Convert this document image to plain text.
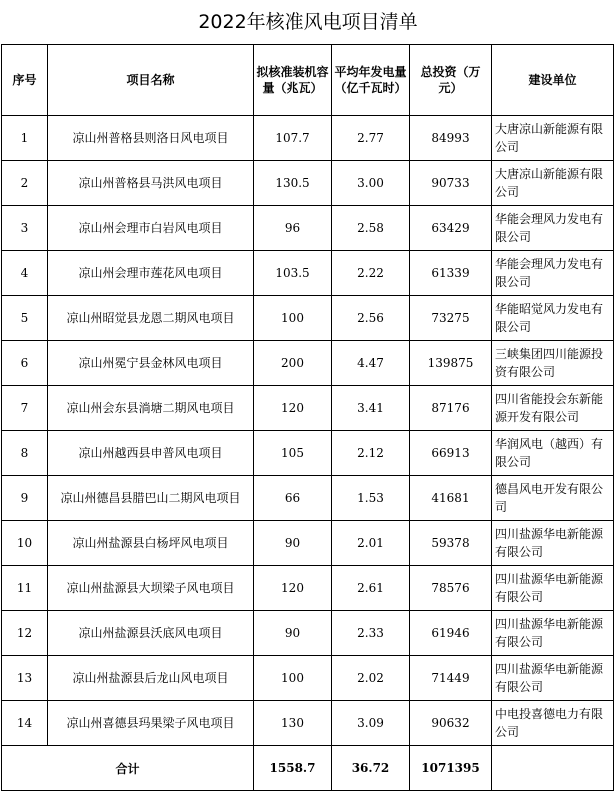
2022年核准风电项目清单
序号	项目名称	拟核准装机容量（兆瓦）	平均年发电量（亿千瓦时）	总投资（万元）	建设单位
1	凉山州普格县则洛日风电项目	107.7	2.77	84993	大唐凉山新能源有限公司
2	凉山州普格县马洪风电项目	130.5	3.00	90733	大唐凉山新能源有限公司
3	凉山州会理市白岩风电项目	96	2.58	63429	华能会理风力发电有限公司
4	凉山州会理市莲花风电项目	103.5	2.22	61339	华能会理风力发电有限公司
5	凉山州昭觉县龙恩二期风电项目	100	2.56	73275	华能昭觉风力发电有限公司
6	凉山州冕宁县金林风电项目	200	4.47	139875	三峡集团四川能源投资有限公司
7	凉山州会东县淌塘二期风电项目	120	3.41	87176	四川省能投会东新能源开发有限公司
8	凉山州越西县申普风电项目	105	2.12	66913	华润风电（越西）有限公司
9	凉山州德昌县腊巴山二期风电项目	66	1.53	41681	德昌风电开发有限公司
10	凉山州盐源县白杨坪风电项目	90	2.01	59378	四川盐源华电新能源有限公司
11	凉山州盐源县大坝梁子风电项目	120	2.61	78576	四川盐源华电新能源有限公司
12	凉山州盐源县沃底风电项目	90	2.33	61946	四川盐源华电新能源有限公司
13	凉山州盐源县后龙山风电项目	100	2.02	71449	四川盐源华电新能源有限公司
14	凉山州喜德县玛果梁子风电项目	130	3.09	90632	中电投喜德电力有限公司
合计		1558.7	36.72	1071395	
